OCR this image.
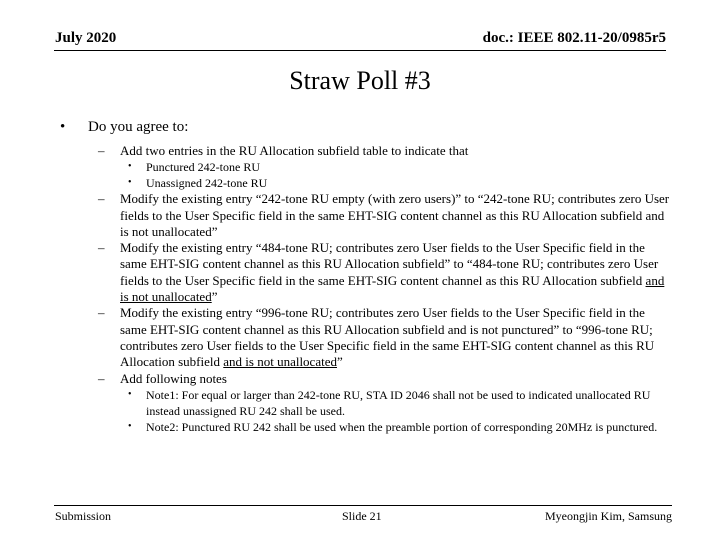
July 2020	doc.: IEEE 802.11-20/0985r5
Straw Poll #3
• Do you agree to:
– Add two entries in the RU Allocation subfield table to indicate that
• Punctured 242-tone RU
• Unassigned 242-tone RU
– Modify the existing entry “242-tone RU empty (with zero users)” to “242-tone RU; contributes zero User fields to the User Specific field in the same EHT-SIG content channel as this RU Allocation subfield and is not unallocated”
– Modify the existing entry “484-tone RU; contributes zero User fields to the User Specific field in the same EHT-SIG content channel as this RU Allocation subfield” to “484-tone RU; contributes zero User fields to the User Specific field in the same EHT-SIG content channel as this RU Allocation subfield and is not unallocated”
– Modify the existing entry “996-tone RU; contributes zero User fields to the User Specific field in the same EHT-SIG content channel as this RU Allocation subfield and is not punctured” to “996-tone RU; contributes zero User fields to the User Specific field in the same EHT-SIG content channel as this RU Allocation subfield and is not unallocated”
– Add following notes
• Note1: For equal or larger than 242-tone RU, STA ID 2046 shall not be used to indicated unallocated RU instead unassigned RU 242 shall be used.
• Note2: Punctured RU 242 shall be used when the preamble portion of corresponding 20MHz is punctured.
Submission	Slide 21	Myeongjin Kim, Samsung
